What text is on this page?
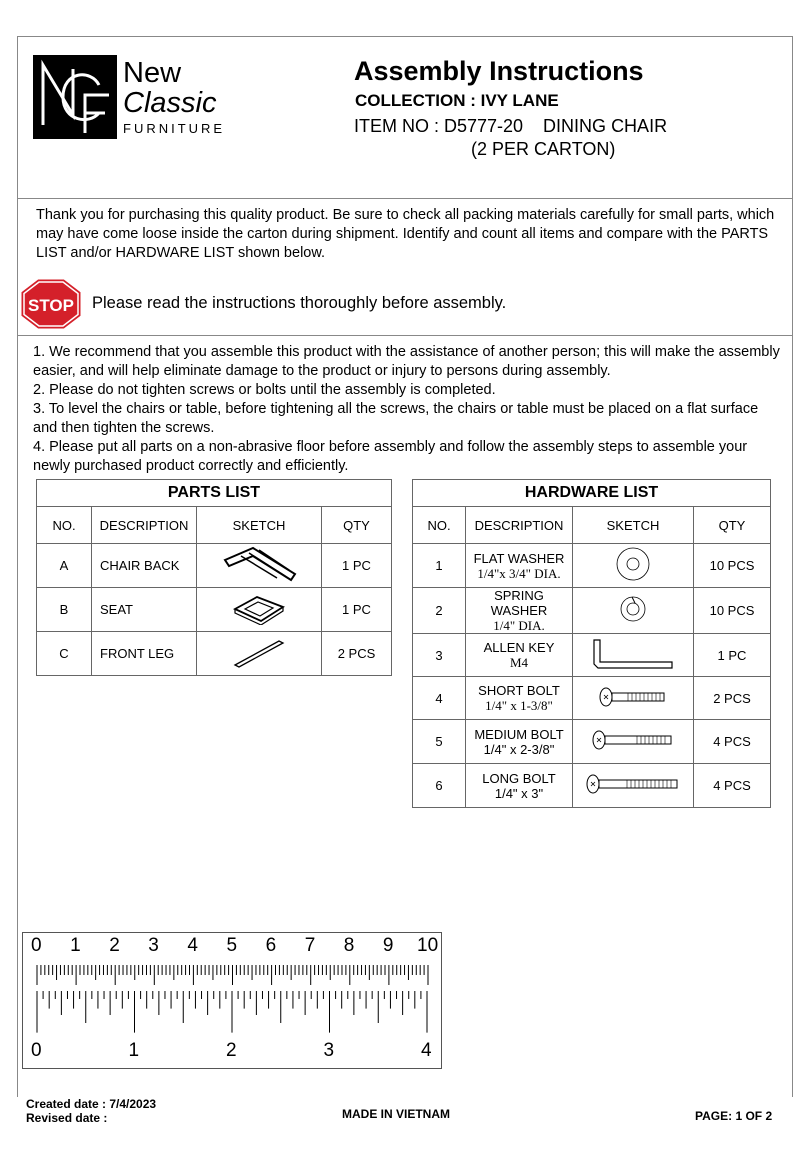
New
Classic
FURNITURE
Assembly Instructions
COLLECTION : IVY LANE
ITEM NO : D5777-20    DINING CHAIR
(2 PER CARTON)
Thank you for purchasing this quality product. Be sure to check all packing materials carefully for small parts, which may have come loose inside the carton during shipment. Identify and count all items and compare with the PARTS LIST and/or HARDWARE LIST shown below.
STOP Please read the instructions thoroughly before assembly.

1. We recommend that you assemble this product with the assistance of another person; this will make the assembly easier, and will help eliminate damage to the product or injury to persons during assembly.

2. Please do not tighten screws or bolts until the assembly is completed.

3. To level the chairs or table, before tightening all the screws, the chairs or table must be placed on a flat surface and then tighten the screws.

4. Please put all parts on a non-abrasive floor before assembly and follow the assembly steps to assemble your newly purchased product correctly and efficiently.

PARTS LIST			
NO.	DESCRIPTION	SKETCH	QTY
A	CHAIR BACK		1 PC
B	SEAT		1 PC
C	FRONT LEG		2 PCS
HARDWARE LIST			
NO.	DESCRIPTION	SKETCH	QTY
1	FLAT WASHER
1/4"x 3/4" DIA.		10 PCS
2	SPRING WASHER
1/4" DIA.		10 PCS
3	ALLEN KEY
M4		1 PC
4	SHORT BOLT
1/4" x 1-3/8"		2 PCS
5	MEDIUM BOLT
1/4" x 2-3/8"		4 PCS
6	LONG BOLT
1/4" x 3"		4 PCS
0 1 2 3 4 5 6 7 8 9 10
0	1	2	3	4
Created date : 7/4/2023
Revised date :	MADE IN VIETNAM	PAGE: 1 OF 2
